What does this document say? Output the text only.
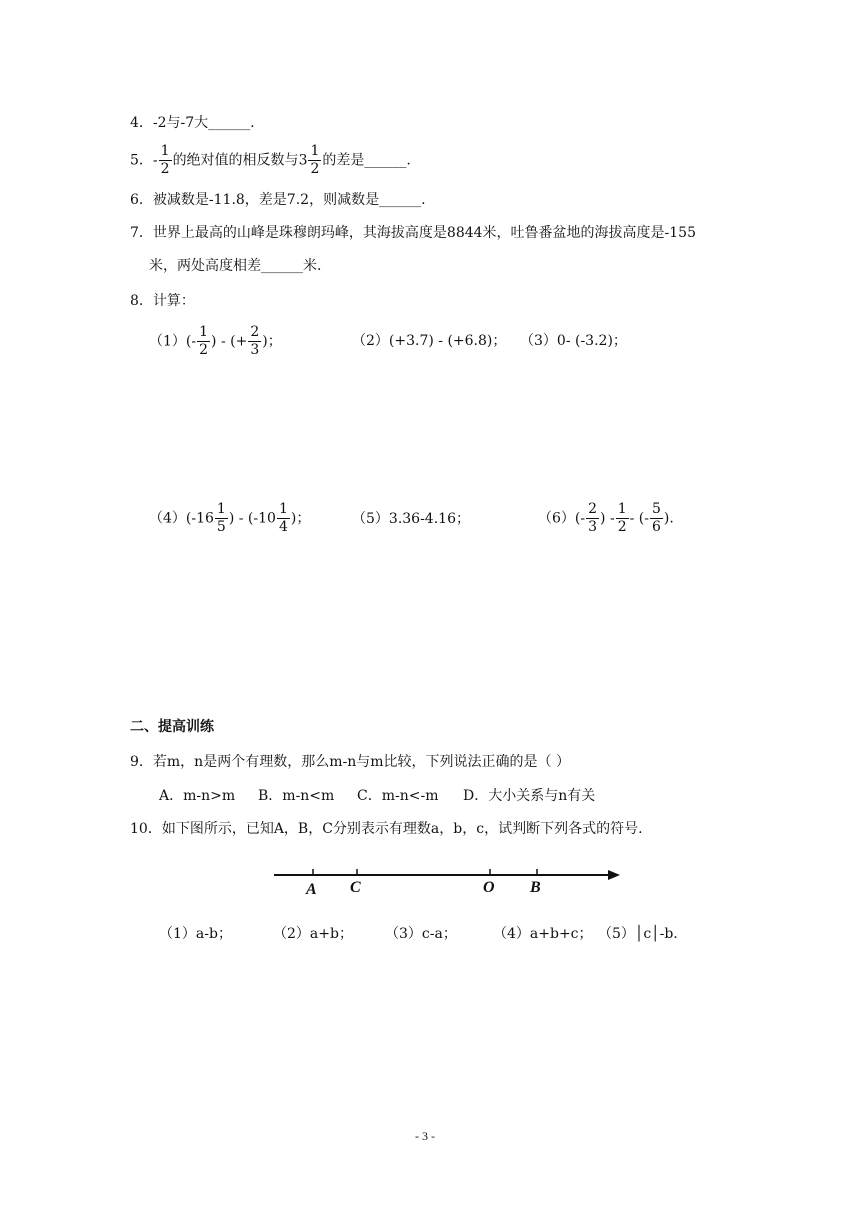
4．-2与-7大______.
5．- $\frac{1}{2}$ 的绝对值的相反数与$3 \frac{1}{2}$ 的差是______.
6．被减数是-11.8，差是7.2，则减数是______.
7．世界上最高的山峰是珠穆朗玛峰，其海拔高度是8844米，吐鲁番盆地的海拔高度是-155
米，两处高度相差______米.
8．计算：
$(1)(- \frac{1}{2}$ ) - (+ $\frac{2}{3}$ )；	（2）(+3.7) - (+6.8)； （3）0- (-3.2)；
$(4)(-16 \frac{1}{5}$ ) - ($-10 \frac{1}{4}$ )；	（5）3.36-4.16；	$(6)(- \frac{2}{3}$ ) - $\frac{1}{2}$ - (- $\frac{5}{6}$ ).
二、提高训练
9．若m，n是两个有理数，那么m-n与m比较，下列说法正确的是（ ）
A．m-n>m B．m-n<m C．m-n<-m D．大小关系与n有关
10．如下图所示，已知A，B，C分别表示有理数a，b，c，试判断下列各式的符号.
A C	O B
（1）a-b；	（2）a+b； （3）c-a；	（4）a+b+c； （5）│c│-b.
- 3 -
